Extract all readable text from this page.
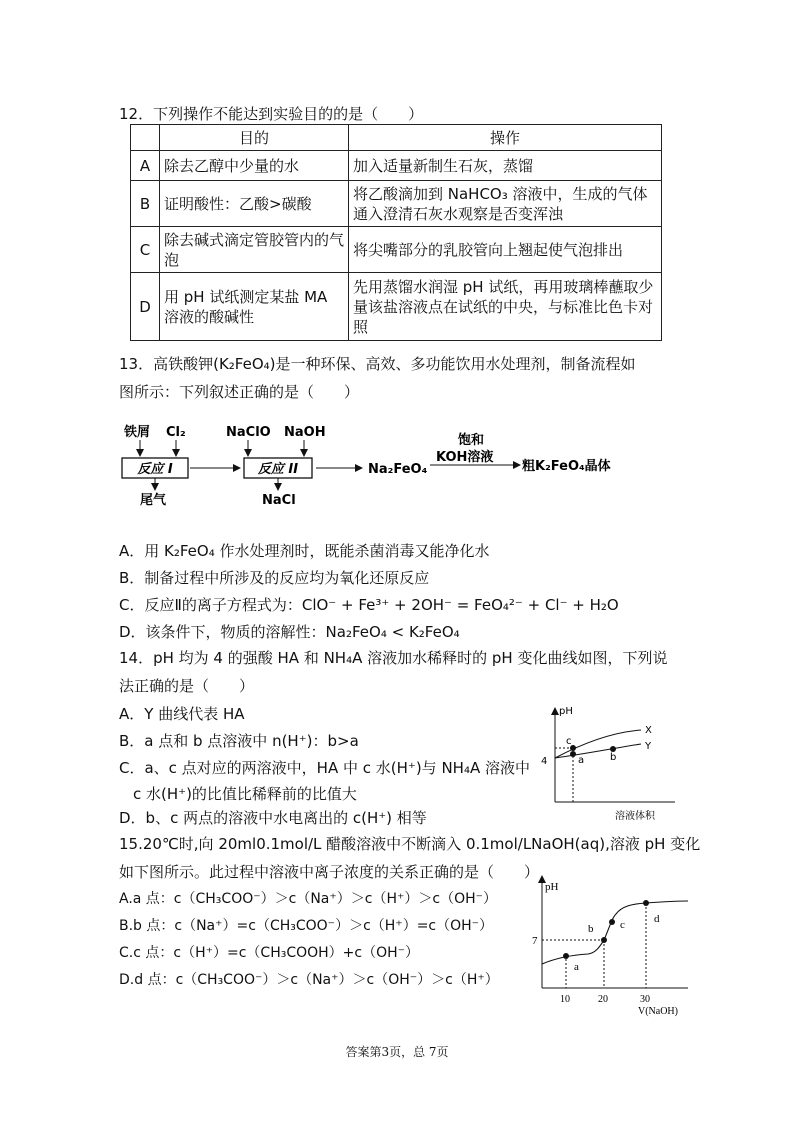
12．下列操作不能达到实验目的的是（　　）
	目的	操作
A	除去乙醇中少量的水	加入适量新制生石灰，蒸馏
B	证明酸性：乙酸>碳酸	将乙酸滴加到 NaHCO₃ 溶液中，生成的气体通入澄清石灰水观察是否变浑浊
C	除去碱式滴定管胶管内的气泡	将尖嘴部分的乳胶管向上翘起使气泡排出
D	用 pH 试纸测定某盐 MA 溶液的酸碱性	先用蒸馏水润湿 pH 试纸，再用玻璃棒蘸取少量该盐溶液点在试纸的中央，与标准比色卡对照
13．高铁酸钾(K₂FeO₄)是一种环保、高效、多功能饮用水处理剂，制备流程如
图所示：下列叙述正确的是（　　）
铁屑 Cl₂
反应 I
尾气
NaClO NaOH
反应 II
NaCl
Na₂FeO₄
饱和
KOH溶液
粗K₂FeO₄晶体
A．用 K₂FeO₄ 作水处理剂时，既能杀菌消毒又能净化水
B．制备过程中所涉及的反应均为氧化还原反应
C．反应Ⅱ的离子方程式为：ClO⁻ + Fe³⁺ + 2OH⁻ = FeO₄²⁻ + Cl⁻ + H₂O
D．该条件下，物质的溶解性：Na₂FeO₄ < K₂FeO₄
14．pH 均为 4 的强酸 HA 和 NH₄A 溶液加水稀释时的 pH 变化曲线如图，下列说
法正确的是（　　）
A．Y 曲线代表 HA
B．a 点和 b 点溶液中 n(H⁺)：b>a
C．a、c 点对应的两溶液中，HA 中 c 水(H⁺)与 NH₄A 溶液中
c 水(H⁺)的比值比稀释前的比值大
D．b、c 两点的溶液中水电离出的 c(H⁺) 相等
pH
4
X
Y
c
a	b
溶液体积
15.20℃时,向 20ml0.1mol/L 醋酸溶液中不断滴入 0.1mol/LNaOH(aq),溶液 pH 变化
如下图所示。此过程中溶液中离子浓度的关系正确的是（　　）
A.a 点：c（CH₃COO⁻）＞c（Na⁺）＞c（H⁺）＞c（OH⁻）
B.b 点：c（Na⁺）=c（CH₃COO⁻）＞c（H⁺）=c（OH⁻）
C.c 点：c（H⁺）=c（CH₃COOH）+c（OH⁻）
D.d 点：c（CH₃COO⁻）＞c（Na⁺）＞c（OH⁻）＞c（H⁺）
pH
7
a
b c	d
10	20	30
V(NaOH)
答案第3页，总 7页
